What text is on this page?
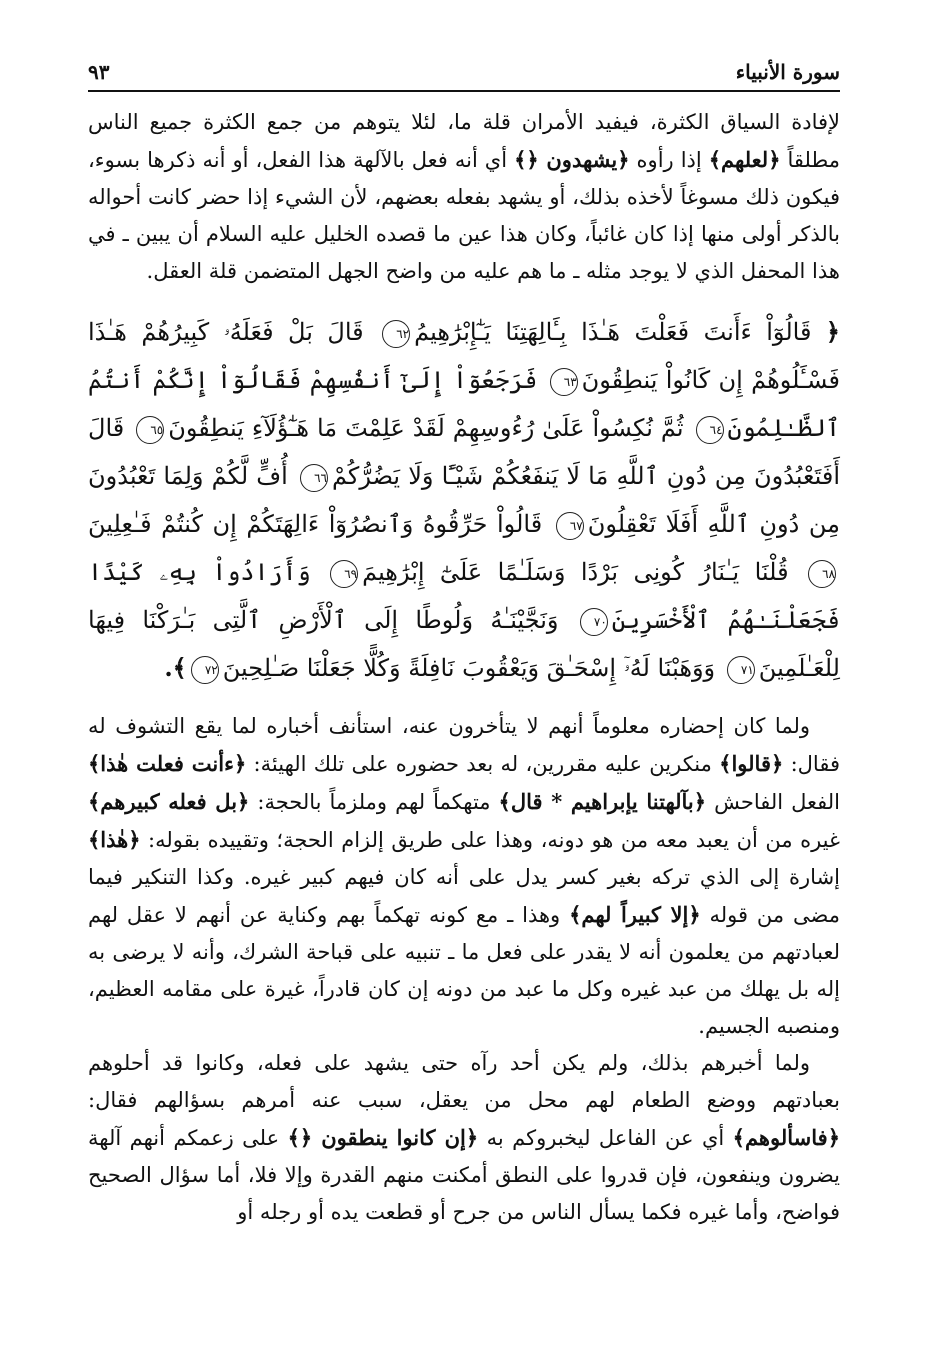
سورة الأنبياء
٩٣

لإفادة السياق الكثرة، فيفيد الأمران قلة ما، لئلا يتوهم من جمع الكثرة جميع الناس مطلقاً ﴿لعلهم﴾ إذا رأوه ﴿يشهدون ﴿﴾ أي أنه فعل بالآلهة هذا الفعل، أو أنه ذكرها بسوء، فيكون ذلك مسوغاً لأخذه بذلك، أو يشهد بفعله بعضهم، لأن الشيء إذا حضر كانت أحواله بالذكر أولى منها إذا كان غائباً، وكان هذا عين ما قصده الخليل عليه السلام أن يبين ـ في هذا المحفل الذي لا يوجد مثله ـ ما هم عليه من واضح الجهل المتضمن قلة العقل.

﴿ قَالُوٓاْ ءَأَنتَ فَعَلْتَ هَـٰذَا بِـَٔالِهَتِنَا يَـٰٓإِبْرَٰهِيمُ٦٢ قَالَ بَلْ فَعَلَهُۥ كَبِيرُهُمْ هَـٰذَا فَسْـَٔلُوهُمْ إِن كَانُواْ يَنطِقُونَ٦٣ فَرَجَعُوٓاْ إِلَىٰٓ أَنفُسِهِمْ فَقَالُوٓاْ إِنَّكُمْ أَنتُمُ ٱلظَّـٰلِمُونَ٦٤ ثُمَّ نُكِسُواْ عَلَىٰ رُءُوسِهِمْ لَقَدْ عَلِمْتَ مَا هَـٰٓؤُلَآءِ يَنطِقُونَ٦٥ قَالَ أَفَتَعْبُدُونَ مِن دُونِ ٱللَّهِ مَا لَا يَنفَعُكُمْ شَيْـًٔا وَلَا يَضُرُّكُمْ٦٦ أُفٍّ لَّكُمْ وَلِمَا تَعْبُدُونَ مِن دُونِ ٱللَّهِ أَفَلَا تَعْقِلُونَ٦٧ قَالُواْ حَرِّقُوهُ وَٱنصُرُوٓاْ ءَالِهَتَكُمْ إِن كُنتُمْ فَـٰعِلِينَ٦٨ قُلْنَا يَـٰنَارُ كُونِى بَرْدًا وَسَلَـٰمًا عَلَىٰٓ إِبْرَٰهِيمَ٦٩ وَأَرَادُواْ بِهِۦ كَيْدًا فَجَعَلْنَـٰهُمُ ٱلْأَخْسَرِينَ٧٠ وَنَجَّيْنَـٰهُ وَلُوطًا إِلَى ٱلْأَرْضِ ٱلَّتِى بَـٰرَكْنَا فِيهَا لِلْعَـٰلَمِينَ٧١ وَوَهَبْنَا لَهُۥٓ إِسْحَـٰقَ وَيَعْقُوبَ نَافِلَةً وَكُلًّا جَعَلْنَا صَـٰلِحِينَ٧٢﴾.

ولما كان إحضاره معلوماً أنهم لا يتأخرون عنه، استأنف أخباره لما يقع التشوف له فقال: ﴿قالوا﴾ منكرين عليه مقررين، له بعد حضوره على تلك الهيئة: ﴿ءأنت فعلت هٰذا﴾ الفعل الفاحش ﴿بآلهتنا يإبراهيم * قال﴾ متهكماً لهم وملزماً بالحجة: ﴿بل فعله كبيرهم﴾ غيره من أن يعبد معه من هو دونه، وهذا على طريق إلزام الحجة؛ وتقييده بقوله: ﴿هٰذا﴾ إشارة إلى الذي تركه بغير كسر يدل على أنه كان فيهم كبير غيره. وكذا التنكير فيما مضى من قوله ﴿إلا كبيراً لهم﴾ وهذا ـ مع كونه تهكماً بهم وكناية عن أنهم لا عقل لهم لعبادتهم من يعلمون أنه لا يقدر على فعل ما ـ تنبيه على قباحة الشرك، وأنه لا يرضى به إله بل يهلك من عبد غيره وكل ما عبد من دونه إن كان قادراً، غيرة على مقامه العظيم، ومنصبه الجسيم.

ولما أخبرهم بذلك، ولم يكن أحد رآه حتى يشهد على فعله، وكانوا قد أحلوهم بعبادتهم ووضع الطعام لهم محل من يعقل، سبب عنه أمرهم بسؤالهم فقال: ﴿فاسألوهم﴾ أي عن الفاعل ليخبروكم به ﴿إن كانوا ينطقون ﴿﴾ على زعمكم أنهم آلهة يضرون وينفعون، فإن قدروا على النطق أمكنت منهم القدرة وإلا فلا، أما سؤال الصحيح فواضح، وأما غيره فكما يسأل الناس من جرح أو قطعت يده أو رجله أو
